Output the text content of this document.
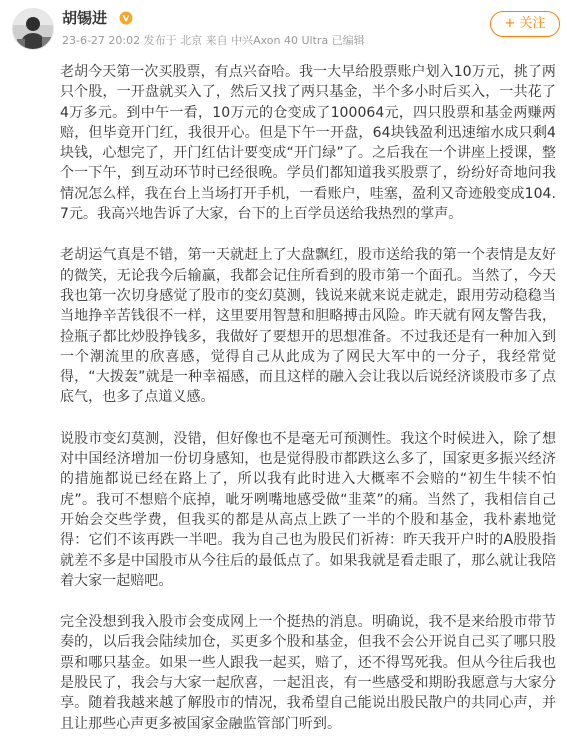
胡锡进
23-6-27 20:02 发布于 北京 来自 中兴Axon 40 Ultra 已编辑
+ 关注

老胡今天第一次买股票，有点兴奋哈。我一大早给股票账户划入10万元，挑了两只个股，一开盘就买入了，然后又找了两只基金，半个多小时后买入，一共花了4万多元。到中午一看，10万元的仓变成了100064元，四只股票和基金两赚两赔，但毕竟开门红，我很开心。但是下午一开盘，64块钱盈利迅速缩水成只剩4块钱，心想完了，开门红估计要变成“开门绿”了。之后我在一个讲座上授课，整个一下午，到互动环节时已经很晚。学员们都知道我买股票了，纷纷好奇地问我情况怎么样，我在台上当场打开手机，一看账户，哇塞，盈利又奇迹般变成104.7元。我高兴地告诉了大家，台下的上百学员送给我热烈的掌声。

老胡运气真是不错，第一天就赶上了大盘飘红，股市送给我的第一个表情是友好的微笑，无论我今后输赢，我都会记住所看到的股市第一个面孔。当然了，今天我也第一次切身感觉了股市的变幻莫测，钱说来就来说走就走，跟用劳动稳稳当当地挣辛苦钱很不一样，这里要用智慧和胆略搏击风险。昨天就有网友警告我，捡瓶子都比炒股挣钱多，我做好了要想开的思想准备。不过我还是有一种加入到一个潮流里的欣喜感，觉得自己从此成为了网民大军中的一分子，我经常觉得，“大拨轰”就是一种幸福感，而且这样的融入会让我以后说经济谈股市多了点底气，也多了点道义感。

说股市变幻莫测，没错，但好像也不是毫无可预测性。我这个时候进入，除了想对中国经济增加一份切身感知，也是觉得股市都跌这么多了，国家更多振兴经济的措施都说已经在路上了，所以我有此时进入大概率不会赔的“初生牛犊不怕虎”。我可不想赔个底掉，呲牙咧嘴地感受做“韭菜”的痛。当然了，我相信自己开始会交些学费，但我买的都是从高点上跌了一半的个股和基金，我朴素地觉得：它们不该再跌一半吧。我为自己也为股民们祈祷：昨天我开户时的A股股指就差不多是中国股市从今往后的最低点了。如果我就是看走眼了，那么就让我陪着大家一起赔吧。

完全没想到我入股市会变成网上一个挺热的消息。明确说，我不是来给股市带节奏的，以后我会陆续加仓，买更多个股和基金，但我不会公开说自己买了哪只股票和哪只基金。如果一些人跟我一起买，赔了，还不得骂死我。但从今往后我也是股民了，我会与大家一起欣喜，一起沮丧，有一些感受和期盼我愿意与大家分享。随着我越来越了解股市的情况，我希望自己能说出股民散户的共同心声，并且让那些心声更多被国家金融监管部门听到。
